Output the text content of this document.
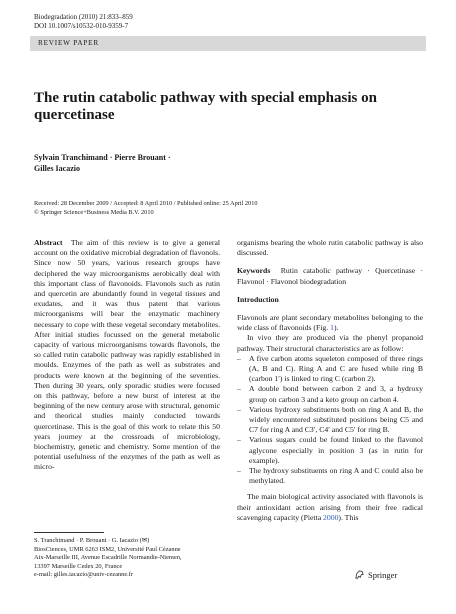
Biodegradation (2010) 21:833–859
DOI 10.1007/s10532-010-9359-7
REVIEW PAPER
The rutin catabolic pathway with special emphasis on quercetinase
Sylvain Tranchimand · Pierre Brouant ·
Gilles Iacazio
Received: 28 December 2009 / Accepted: 8 April 2010 / Published online: 25 April 2010
© Springer Science+Business Media B.V. 2010

Abstract The aim of this review is to give a general account on the oxidative microbial degradation of flavonols. Since now 50 years, various research groups have deciphered the way microorganisms aerobically deal with this important class of flavonoids. Flavonols such as rutin and quercetin are abundantly found in vegetal tissues and exudates, and it was thus patent that various microorganisms will bear the enzymatic machinery necessary to cope with these vegetal secondary metabolites. After initial studies focussed on the general metabolic capacity of various microorganisms towards flavonols, the so called rutin catabolic pathway was rapidly established in moulds. Enzymes of the path as well as substrates and products were known at the beginning of the seventies. Then during 30 years, only sporadic studies were focused on this pathway, before a new burst of interest at the beginning of the new century arose with structural, genomic and theorical studies mainly conducted towards quercetinase. This is the goal of this work to relate this 50 years journey at the crossroads of microbiology, biochemistry, genetic and chemistry. Some mention of the potential usefulness of the enzymes of the path as well as micro-

organisms bearing the whole rutin catabolic pathway is also discussed.

Keywords Rutin catabolic pathway · Quercetinase · Flavonol · Flavonol biodegradation

Introduction

Flavonols are plant secondary metabolites belonging to the wide class of flavonoids (Fig. 1).

In vivo they are produced via the phenyl propanoid pathway. Their structural characteristics are as follow:

– A five carbon atoms squeleton composed of three rings (A, B and C). Ring A and C are fused while ring B (carbon 1′) is linked to ring C (carbon 2).
– A double bond between carbon 2 and 3, a hydroxy group on carbon 3 and a keto group on carbon 4.
– Various hydroxy substituents both on ring A and B, the widely encountered substituted positions being C5 and C7 for ring A and C3′, C4′ and C5′ for ring B.
– Various sugars could be found linked to the flavonol aglycone especially in position 3 (as in rutin for example).
– The hydroxy substituents on ring A and C could also be methylated.

The main biological activity associated with flavonols is their antioxidant action arising from their free radical scavenging capacity (Pietta 2000). This

S. Tranchimand · P. Brouant · G. Iacazio (✉)
BiosCiences, UMR 6263 ISM2, Université Paul Cézanne
Aix-Marseille III, Avenue Escadrille Normandie-Niemen,
13397 Marseille Cedex 20, France
e-mail: gilles.iacazio@univ-cezanne.fr	Springer
